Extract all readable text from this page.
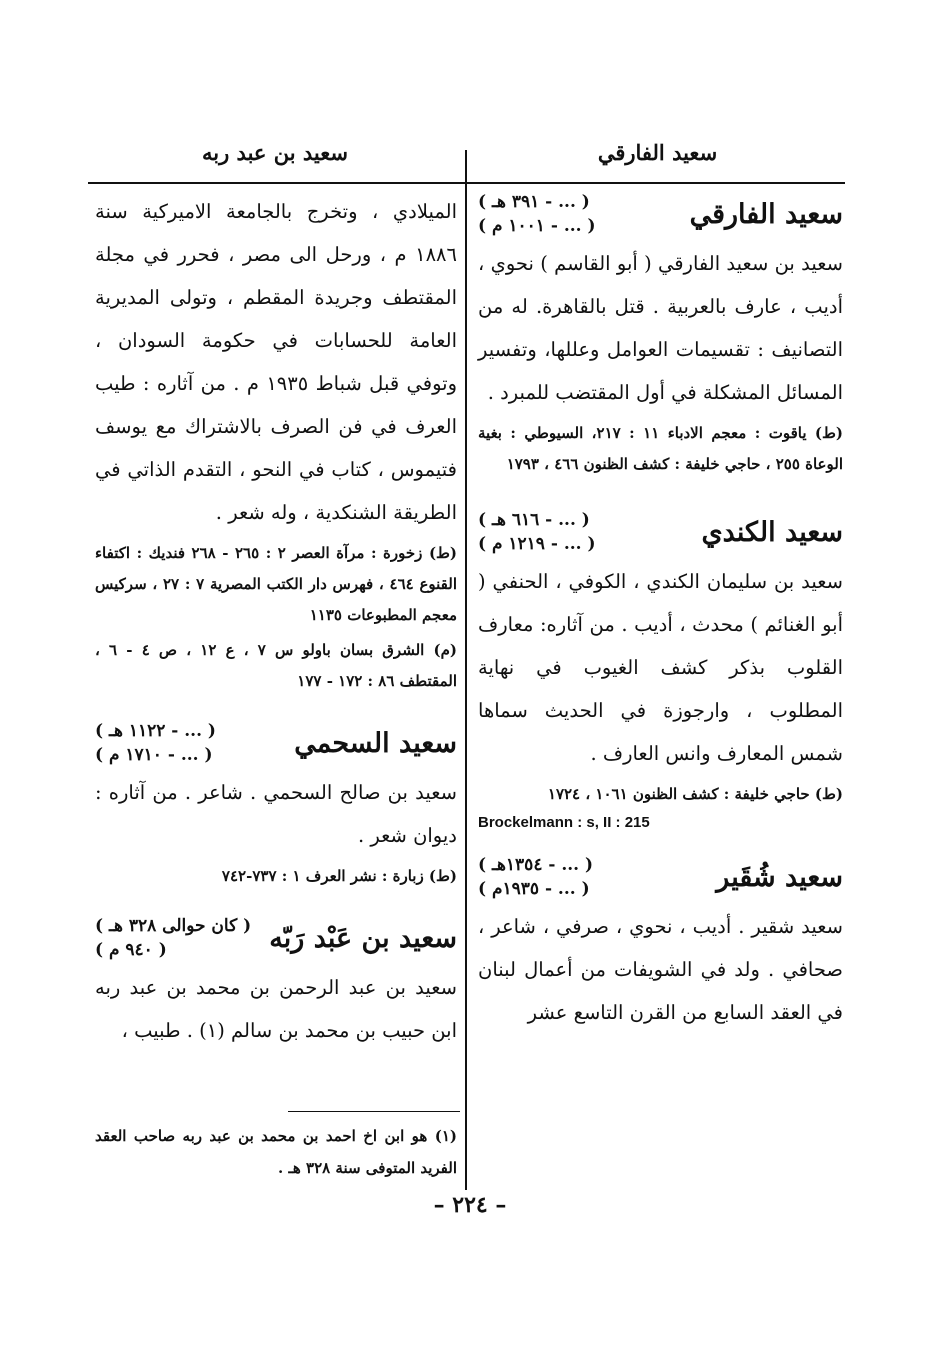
سعيد الفارقي
سعيد بن عبد ربه
سعيد الفارقي
( ... - ٣٩١ هـ )
( ... - ١٠٠١ م )

سعيد بن سعيد الفارقي ( أبو القاسم ) نحوي ، أديب ، عارف بالعربية . قتل بالقاهرة. له من التصانيف : تقسيمات العوامل وعللها، وتفسير المسائل المشكلة في أول المقتضب للمبرد .

(ط) ياقوت : معجم الادباء ١١ : ٢١٧، السيوطي : بغية الوعاة ٢٥٥ ، حاجي خليفة : كشف الظنون ٤٦٦ ، ١٧٩٣

سعيد الكندي
( ... - ٦١٦ هـ )
( ... - ١٢١٩ م )

سعيد بن سليمان الكندي ، الكوفي ، الحنفي ( أبو الغنائم ) محدث ، أديب . من آثاره: معارف القلوب بذكر كشف الغيوب في نهاية المطلوب ، وارجوزة في الحديث سماها شمس المعارف وانس العارف .

(ط) حاجي خليفة : كشف الظنون ١٠٦١ ، ١٧٢٤

Brockelmann : s, II : 215

سعيد شُقَير
( ... - ١٣٥٤هـ )
( ... - ١٩٣٥م )

سعيد شقير . أديب ، نحوي ، صرفي ، شاعر ، صحافي . ولد في الشويفات من أعمال لبنان في العقد السابع من القرن التاسع عشر

الميلادي ، وتخرج بالجامعة الاميركية سنة ١٨٨٦ م ، ورحل الى مصر ، فحرر في مجلة المقتطف وجريدة المقطم ، وتولى المديرية العامة للحسابات في حكومة السودان ، وتوفي قبل شباط ١٩٣٥ م . من آثاره : طيب العرف في فن الصرف بالاشتراك مع يوسف فتيموس ، كتاب في النحو ، التقدم الذاتي في الطريقة الشنكدية ، وله شعر .

(ط) زخورة : مرآة العصر ٢ : ٢٦٥ - ٢٦٨ فنديك : اكتفاء القنوع ٤٦٤ ، فهرس دار الكتب المصرية ٧ : ٢٧ ، سركيس معجم المطبوعات ١١٣٥

(م) الشرق بسان باولو س ٧ ، ع ١٢ ، ص ٤ - ٦ ، المقتطف ٨٦ : ١٧٢ - ١٧٧

سعيد السحمي
( ... - ١١٢٢ هـ )
( ... - ١٧١٠ م )

سعيد بن صالح السحمي . شاعر . من آثاره : ديوان شعر .

(ط) زبارة : نشر العرف ١ : ٧٣٧-٧٤٢

سعيد بن عَبْد رَبّه
( كان حوالى ٣٢٨ هـ )
( ٩٤٠ م )

سعيد بن عبد الرحمن بن محمد بن عبد ربه ابن حبيب بن محمد بن سالم (١) . طبيب ،

(١) هو ابن اخ احمد بن محمد بن عبد ربه صاحب العقد الفريد المتوفى سنة ٣٢٨ هـ .
– ٢٢٤ –
